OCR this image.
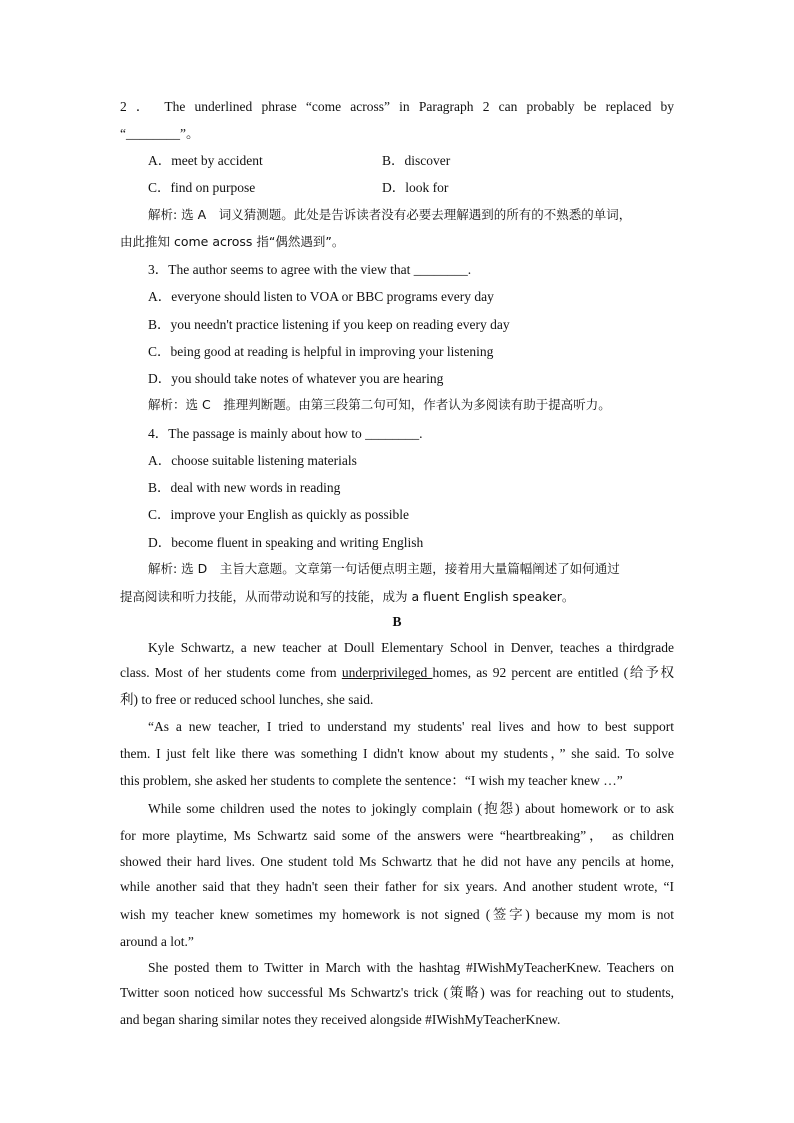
2 ． The underlined phrase “come across” in Paragraph 2 can probably be replaced by
“________”。
A．meet by accident	B．discover
C．find on purpose	D．look for
解析: 选 A　词义猜测题。此处是告诉读者没有必要去理解遇到的所有的不熟悉的单词，
由此推知 come across 指“偶然遇到”。
3．The author seems to agree with the view that ________.
A．everyone should listen to VOA or BBC programs every day
B．you needn't practice listening if you keep on reading every day
C．being good at reading is helpful in improving your listening
D．you should take notes of whatever you are hearing
解析：选 C　推理判断题。由第三段第二句可知，作者认为多阅读有助于提高听力。
4．The passage is mainly about how to ________.
A．choose suitable listening materials
B．deal with new words in reading
C．improve your English as quickly as possible
D．become fluent in speaking and writing English
解析: 选 D　主旨大意题。文章第一句话便点明主题，接着用大量篇幅阐述了如何通过
提高阅读和听力技能，从而带动说和写的技能，成为 a fluent English speaker。
B
Kyle Schwartz, a new teacher at Doull Elementary School in Denver, teaches a thirdgrade
class. Most of her students come from underprivileged homes, as 92 percent are entitled (给予权
利) to free or reduced school lunches, she said.
“As a new teacher, I tried to understand my students' real lives and how to best support
them. I just felt like there was something I didn't know about my students，” she said. To solve
this problem, she asked her students to complete the sentence：“I wish my teacher knew …”
While some children used the notes to jokingly complain (抱怨) about homework or to ask
for more playtime, Ms Schwartz said some of the answers were “heartbreaking”， as children
showed their hard lives. One student told Ms Schwartz that he did not have any pencils at home,
while another said that they hadn't seen their father for six years. And another student wrote, “I
wish my teacher knew sometimes my homework is not signed (签字) because my mom is not
around a lot.”
She posted them to Twitter in March with the hashtag #IWishMyTeacherKnew. Teachers on
Twitter soon noticed how successful Ms Schwartz's trick (策略) was for reaching out to students,
and began sharing similar notes they received alongside #IWishMyTeacherKnew.
